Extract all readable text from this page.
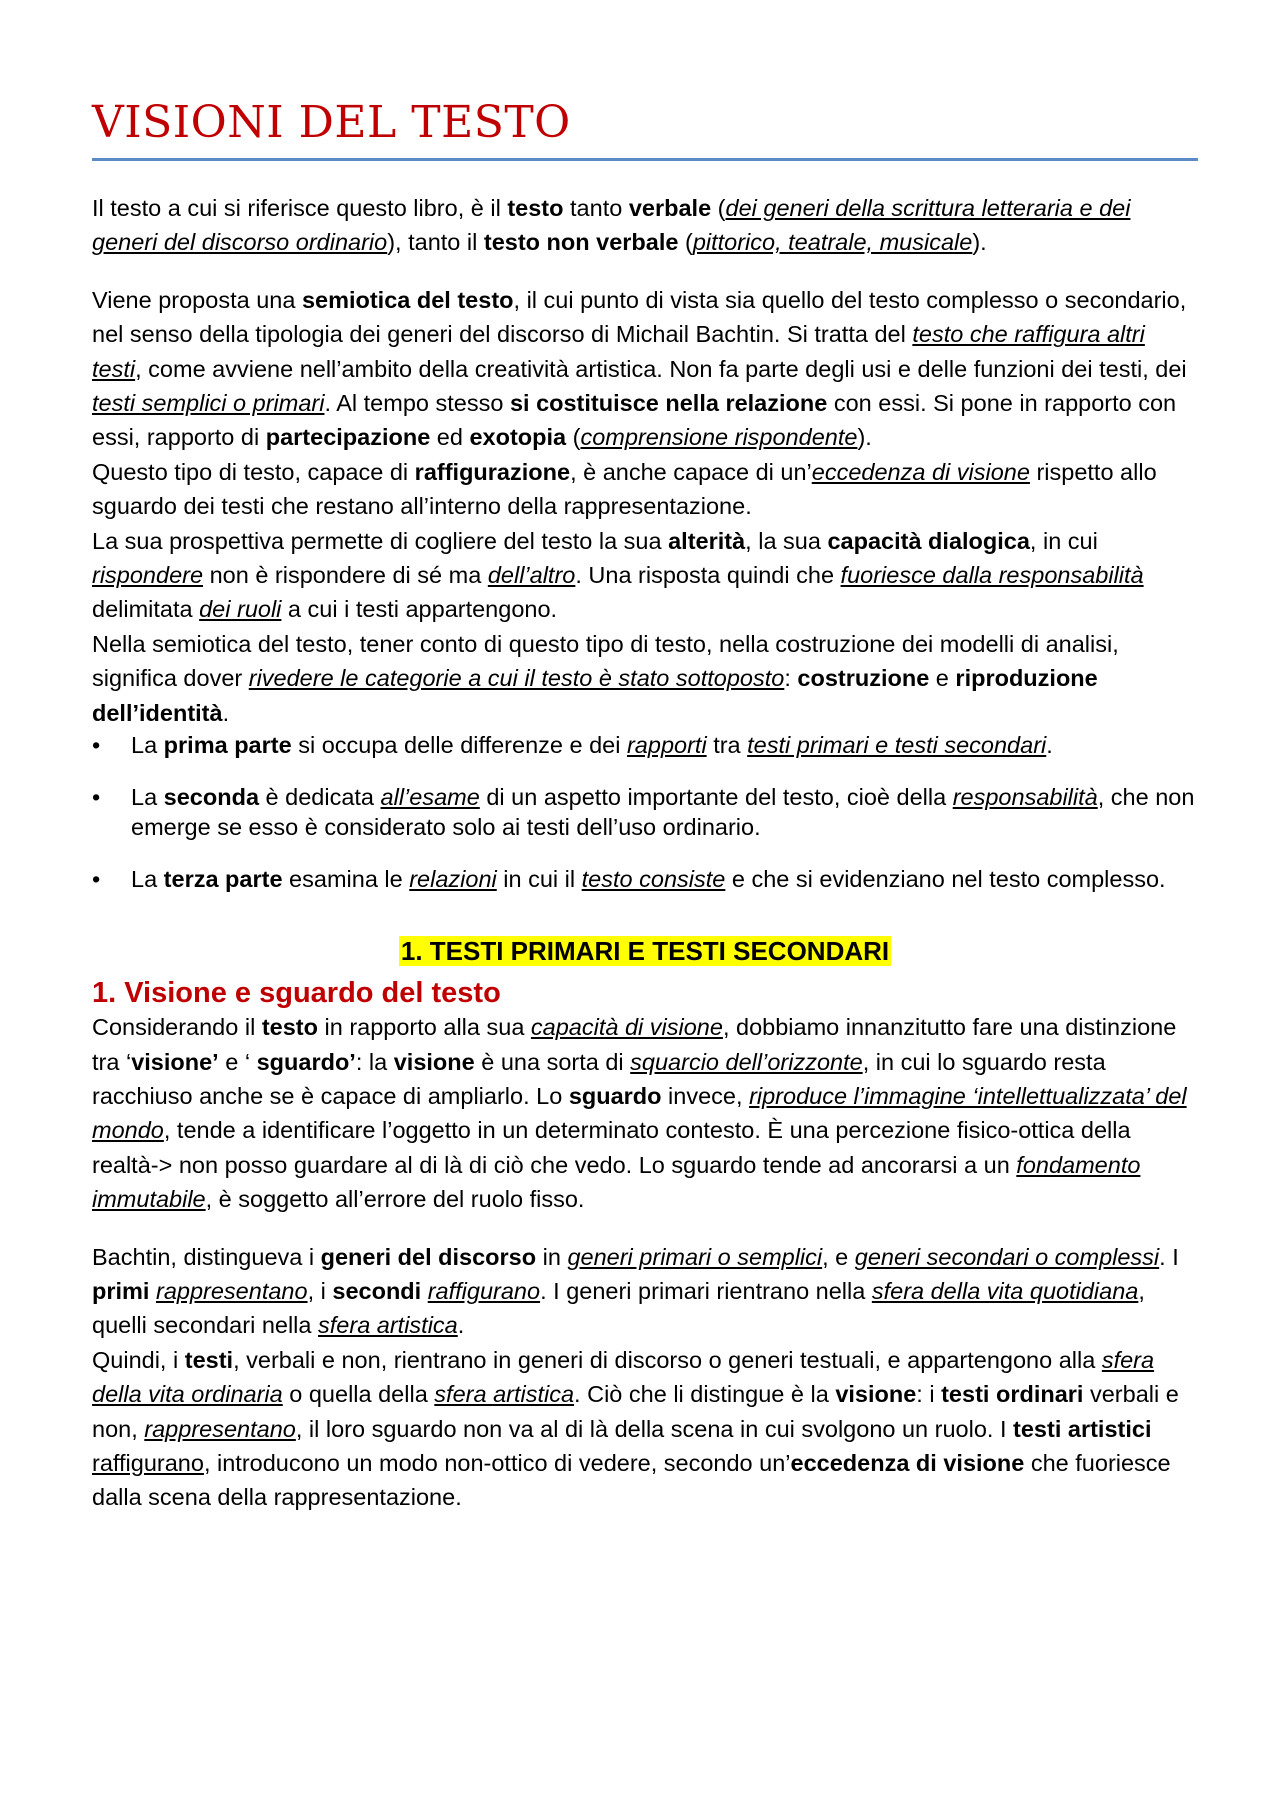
VISIONI DEL TESTO

Il testo a cui si riferisce questo libro, è il testo tanto verbale (dei generi della scrittura letteraria e dei generi del discorso ordinario), tanto il testo non verbale (pittorico, teatrale, musicale).

Viene proposta una semiotica del testo, il cui punto di vista sia quello del testo complesso o secondario, nel senso della tipologia dei generi del discorso di Michail Bachtin. Si tratta del testo che raffigura altri testi, come avviene nell’ambito della creatività artistica. Non fa parte degli usi e delle funzioni dei testi, dei testi semplici o primari. Al tempo stesso si costituisce nella relazione con essi. Si pone in rapporto con essi, rapporto di partecipazione ed exotopia (comprensione rispondente).

Questo tipo di testo, capace di raffigurazione, è anche capace di un’eccedenza di visione rispetto allo sguardo dei testi che restano all’interno della rappresentazione.

La sua prospettiva permette di cogliere del testo la sua alterità, la sua capacità dialogica, in cui rispondere non è rispondere di sé ma dell’altro. Una risposta quindi che fuoriesce dalla responsabilità delimitata dei ruoli a cui i testi appartengono.

Nella semiotica del testo, tener conto di questo tipo di testo, nella costruzione dei modelli di analisi, significa dover rivedere le categorie a cui il testo è stato sottoposto: costruzione e riproduzione dell’identità.

• La prima parte si occupa delle differenze e dei rapporti tra testi primari e testi secondari.
• La seconda è dedicata all’esame di un aspetto importante del testo, cioè della responsabilità, che non emerge se esso è considerato solo ai testi dell’uso ordinario.
• La terza parte esamina le relazioni in cui il testo consiste e che si evidenziano nel testo complesso.
1. TESTI PRIMARI E TESTI SECONDARI
1. Visione e sguardo del testo

Considerando il testo in rapporto alla sua capacità di visione, dobbiamo innanzitutto fare una distinzione tra ‘visione’ e ‘ sguardo’: la visione è una sorta di squarcio dell’orizzonte, in cui lo sguardo resta racchiuso anche se è capace di ampliarlo. Lo sguardo invece, riproduce l’immagine ‘intellettualizzata’ del mondo, tende a identificare l’oggetto in un determinato contesto. È una percezione fisico-ottica della realtà-> non posso guardare al di là di ciò che vedo. Lo sguardo tende ad ancorarsi a un fondamento immutabile, è soggetto all’errore del ruolo fisso.

Bachtin, distingueva i generi del discorso in generi primari o semplici, e generi secondari o complessi. I primi rappresentano, i secondi raffigurano. I generi primari rientrano nella sfera della vita quotidiana, quelli secondari nella sfera artistica.

Quindi, i testi, verbali e non, rientrano in generi di discorso o generi testuali, e appartengono alla sfera della vita ordinaria o quella della sfera artistica. Ciò che li distingue è la visione: i testi ordinari verbali e non, rappresentano, il loro sguardo non va al di là della scena in cui svolgono un ruolo. I testi artistici raffigurano, introducono un modo non-ottico di vedere, secondo un’eccedenza di visione che fuoriesce dalla scena della rappresentazione.
